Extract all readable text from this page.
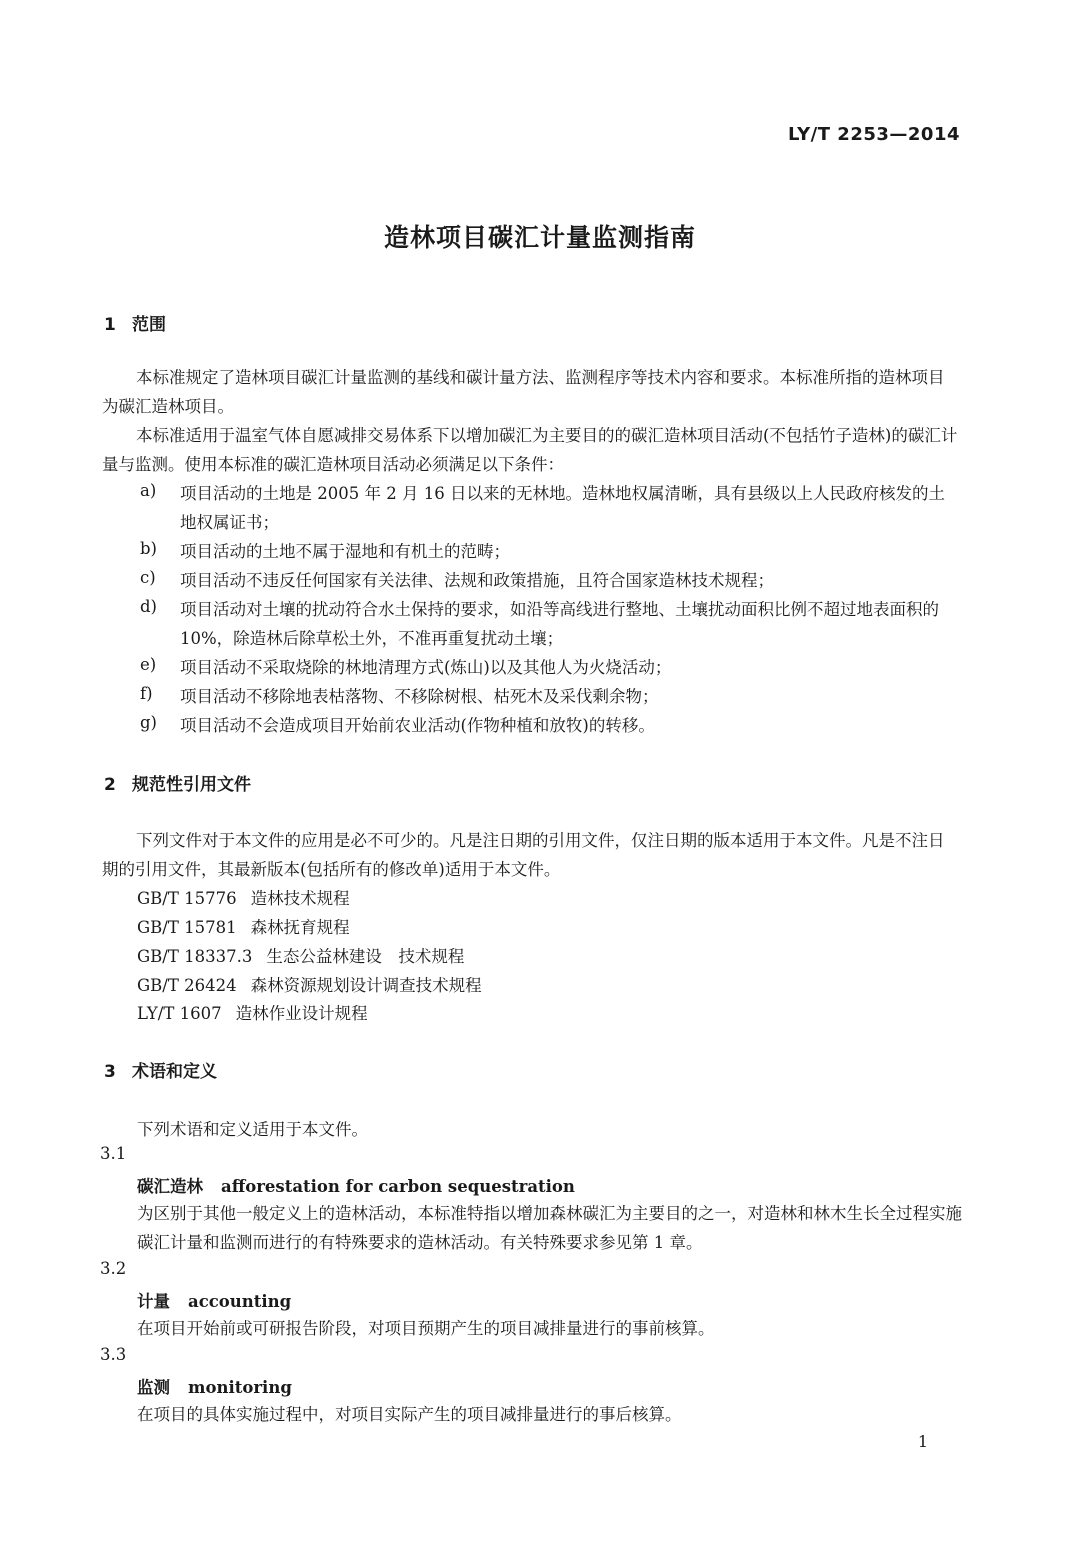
LY/T 2253—2014
造林项目碳汇计量监测指南
1 范围
本标准规定了造林项目碳汇计量监测的基线和碳计量方法、监测程序等技术内容和要求。本标准所指的造林项目为碳汇造林项目。
本标准适用于温室气体自愿减排交易体系下以增加碳汇为主要目的的碳汇造林项目活动(不包括竹子造林)的碳汇计量与监测。使用本标准的碳汇造林项目活动必须满足以下条件：
a) 项目活动的土地是 2005 年 2 月 16 日以来的无林地。造林地权属清晰，具有县级以上人民政府核发的土地权属证书；
b) 项目活动的土地不属于湿地和有机土的范畴；
c) 项目活动不违反任何国家有关法律、法规和政策措施，且符合国家造林技术规程；
d) 项目活动对土壤的扰动符合水土保持的要求，如沿等高线进行整地、土壤扰动面积比例不超过地表面积的 10%，除造林后除草松土外，不准再重复扰动土壤；
e) 项目活动不采取烧除的林地清理方式(炼山)以及其他人为火烧活动；
f) 项目活动不移除地表枯落物、不移除树根、枯死木及采伐剩余物；
g) 项目活动不会造成项目开始前农业活动(作物种植和放牧)的转移。
2 规范性引用文件
下列文件对于本文件的应用是必不可少的。凡是注日期的引用文件，仅注日期的版本适用于本文件。凡是不注日期的引用文件，其最新版本(包括所有的修改单)适用于本文件。
GB/T 15776 造林技术规程
GB/T 15781 森林抚育规程
GB/T 18337.3 生态公益林建设　技术规程
GB/T 26424 森林资源规划设计调查技术规程
LY/T 1607 造林作业设计规程
3 术语和定义
下列术语和定义适用于本文件。
3.1
碳汇造林 afforestation for carbon sequestration
为区别于其他一般定义上的造林活动，本标准特指以增加森林碳汇为主要目的之一，对造林和林木生长全过程实施碳汇计量和监测而进行的有特殊要求的造林活动。有关特殊要求参见第 1 章。
3.2
计量 accounting
在项目开始前或可研报告阶段，对项目预期产生的项目减排量进行的事前核算。
3.3
监测 monitoring
在项目的具体实施过程中，对项目实际产生的项目减排量进行的事后核算。
1
